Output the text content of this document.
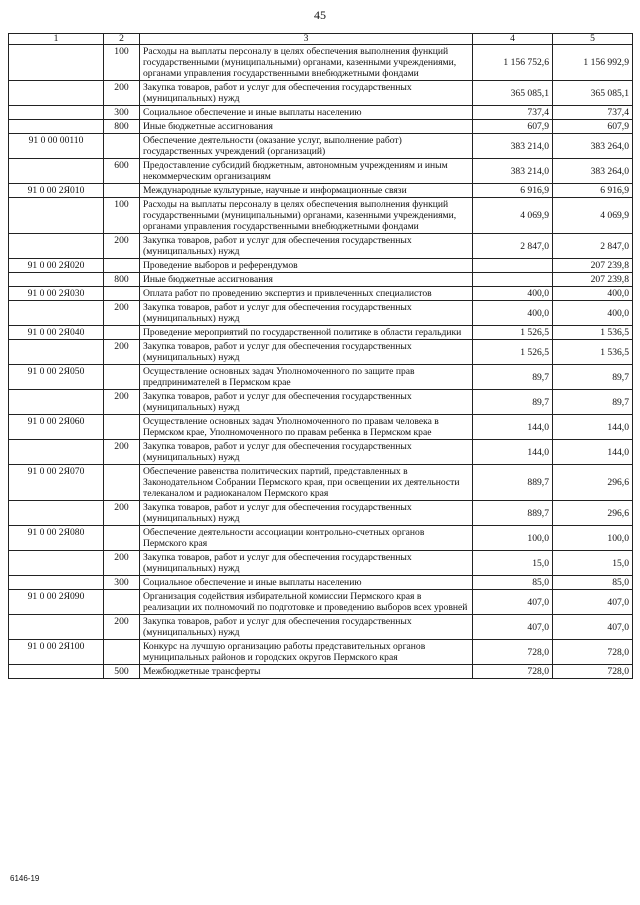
45
1	2	3	4	5
	100	Расходы на выплаты персоналу в целях обеспечения выполнения функций государственными (муниципальными) органами, казенными учреждениями, органами управления государственными внебюджетными фондами	1 156 752,6	1 156 992,9
	200	Закупка товаров, работ и услуг для обеспечения государственных (муниципальных) нужд	365 085,1	365 085,1
	300	Социальное обеспечение и иные выплаты населению	737,4	737,4
	800	Иные бюджетные ассигнования	607,9	607,9
91 0 00 00110		Обеспечение деятельности (оказание услуг, выполнение работ) государственных учреждений (организаций)	383 214,0	383 264,0
	600	Предоставление субсидий бюджетным, автономным учреждениям и иным некоммерческим организациям	383 214,0	383 264,0
91 0 00 2Я010		Международные культурные, научные и информационные связи	6 916,9	6 916,9
	100	Расходы на выплаты персоналу в целях обеспечения выполнения функций государственными (муниципальными) органами, казенными учреждениями, органами управления государственными внебюджетными фондами	4 069,9	4 069,9
	200	Закупка товаров, работ и услуг для обеспечения государственных (муниципальных) нужд	2 847,0	2 847,0
91 0 00 2Я020		Проведение выборов и референдумов		207 239,8
	800	Иные бюджетные ассигнования		207 239,8
91 0 00 2Я030		Оплата работ по проведению экспертиз и привлеченных специалистов	400,0	400,0
	200	Закупка товаров, работ и услуг для обеспечения государственных (муниципальных) нужд	400,0	400,0
91 0 00 2Я040		Проведение мероприятий по государственной политике в области геральдики	1 526,5	1 536,5
	200	Закупка товаров, работ и услуг для обеспечения государственных (муниципальных) нужд	1 526,5	1 536,5
91 0 00 2Я050		Осуществление основных задач Уполномоченного по защите прав предпринимателей в Пермском крае	89,7	89,7
	200	Закупка товаров, работ и услуг для обеспечения государственных (муниципальных) нужд	89,7	89,7
91 0 00 2Я060		Осуществление основных задач Уполномоченного по правам человека в Пермском крае, Уполномоченного по правам ребенка в Пермском крае	144,0	144,0
	200	Закупка товаров, работ и услуг для обеспечения государственных (муниципальных) нужд	144,0	144,0
91 0 00 2Я070		Обеспечение равенства политических партий, представленных в Законодательном Собрании Пермского края, при освещении их деятельности телеканалом и радиоканалом Пермского края	889,7	296,6
	200	Закупка товаров, работ и услуг для обеспечения государственных (муниципальных) нужд	889,7	296,6
91 0 00 2Я080		Обеспечение деятельности ассоциации контрольно-счетных органов Пермского края	100,0	100,0
	200	Закупка товаров, работ и услуг для обеспечения государственных (муниципальных) нужд	15,0	15,0
	300	Социальное обеспечение и иные выплаты населению	85,0	85,0
91 0 00 2Я090		Организация содействия избирательной комиссии Пермского края в реализации их полномочий по подготовке и проведению выборов всех уровней	407,0	407,0
	200	Закупка товаров, работ и услуг для обеспечения государственных (муниципальных) нужд	407,0	407,0
91 0 00 2Я100		Конкурс на лучшую организацию работы представительных органов муниципальных районов и городских округов Пермского края	728,0	728,0
	500	Межбюджетные трансферты	728,0	728,0
6146-19
